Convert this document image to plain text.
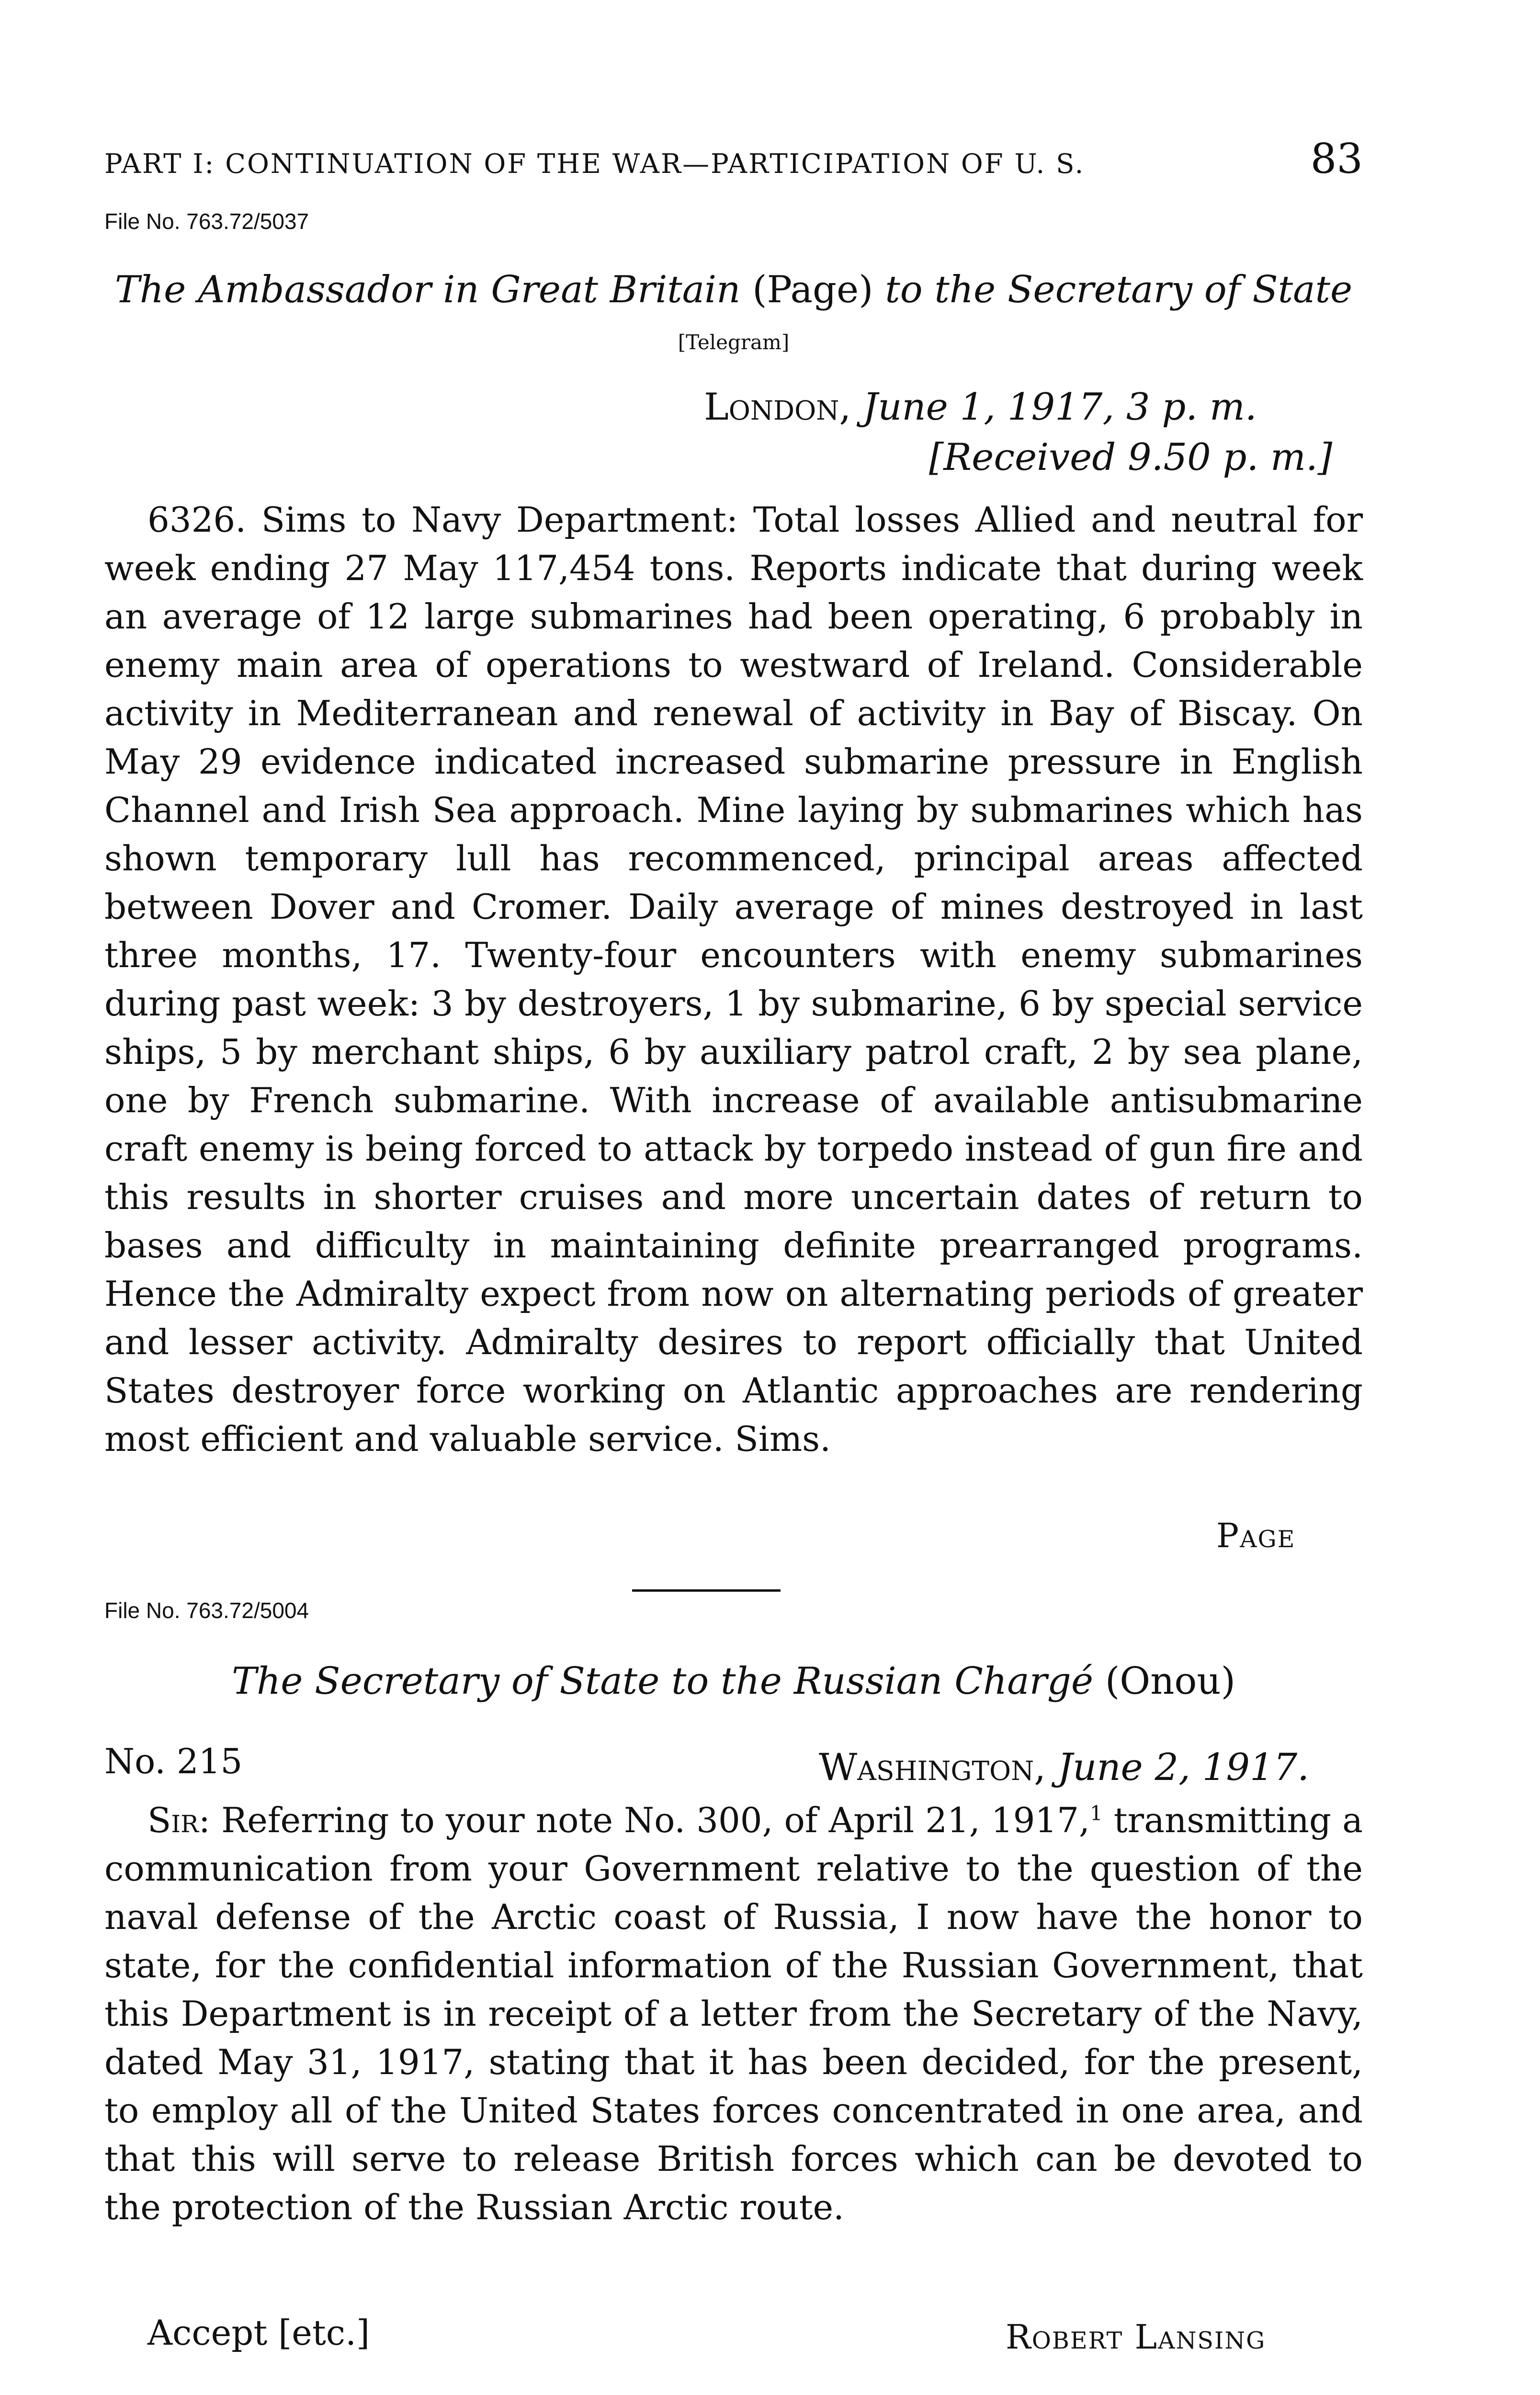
PART I: CONTINUATION OF THE WAR—PARTICIPATION OF U. S.	83
File No. 763.72/5037
The Ambassador in Great Britain (Page) to the Secretary of State
[Telegram]
London, June 1, 1917, 3 p. m.
[Received 9.50 p. m.]

6326. Sims to Navy Department: Total losses Allied and neutral for week ending 27 May 117,454 tons. Reports indicate that during week an average of 12 large submarines had been operating, 6 probably in enemy main area of operations to westward of Ireland. Considerable activity in Mediterranean and renewal of activity in Bay of Biscay. On May 29 evidence indicated increased submarine pressure in English Channel and Irish Sea approach. Mine laying by submarines which has shown temporary lull has recommenced, principal areas affected between Dover and Cromer. Daily average of mines destroyed in last three months, 17. Twenty-four encounters with enemy submarines during past week: 3 by destroyers, 1 by submarine, 6 by special service ships, 5 by merchant ships, 6 by auxiliary patrol craft, 2 by sea plane, one by French submarine. With increase of available antisubmarine craft enemy is being forced to attack by torpedo instead of gun fire and this results in shorter cruises and more uncertain dates of return to bases and difficulty in maintaining definite prearranged programs. Hence the Admiralty expect from now on alternating periods of greater and lesser activity. Admiralty desires to report officially that United States destroyer force working on Atlantic approaches are rendering most efficient and valuable service. Sims.

Page
File No. 763.72/5004
The Secretary of State to the Russian Chargé (Onou)
No. 215	Washington, June 2, 1917.

Sir: Referring to your note No. 300, of April 21, 1917,$^1$ transmitting a communication from your Government relative to the question of the naval defense of the Arctic coast of Russia, I now have the honor to state, for the confidential information of the Russian Government, that this Department is in receipt of a letter from the Secretary of the Navy, dated May 31, 1917, stating that it has been decided, for the present, to employ all of the United States forces concentrated in one area, and that this will serve to release British forces which can be devoted to the protection of the Russian Arctic route.

Accept [etc.]	Robert Lansing
